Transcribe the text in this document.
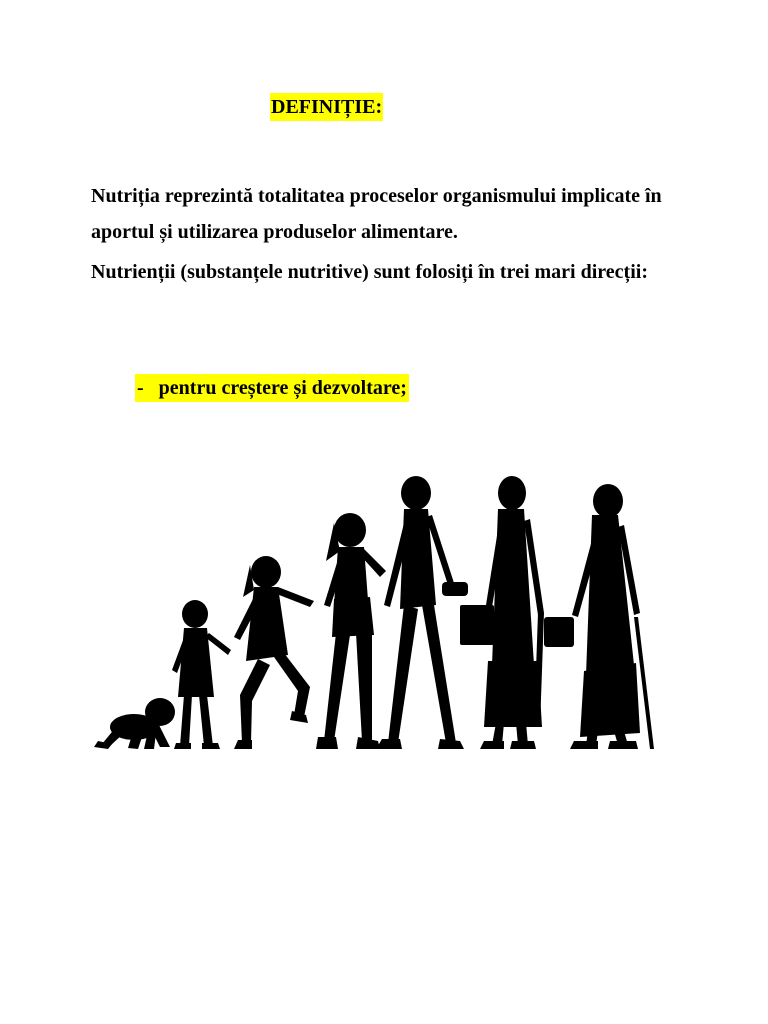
DEFINIȚIE:

Nutriția reprezintă totalitatea proceselor organismului implicate în aportul și utilizarea produselor alimentare.

Nutrienții (substanțele nutritive) sunt folosiți în trei mari direcții:

- pentru creștere și dezvoltare;
